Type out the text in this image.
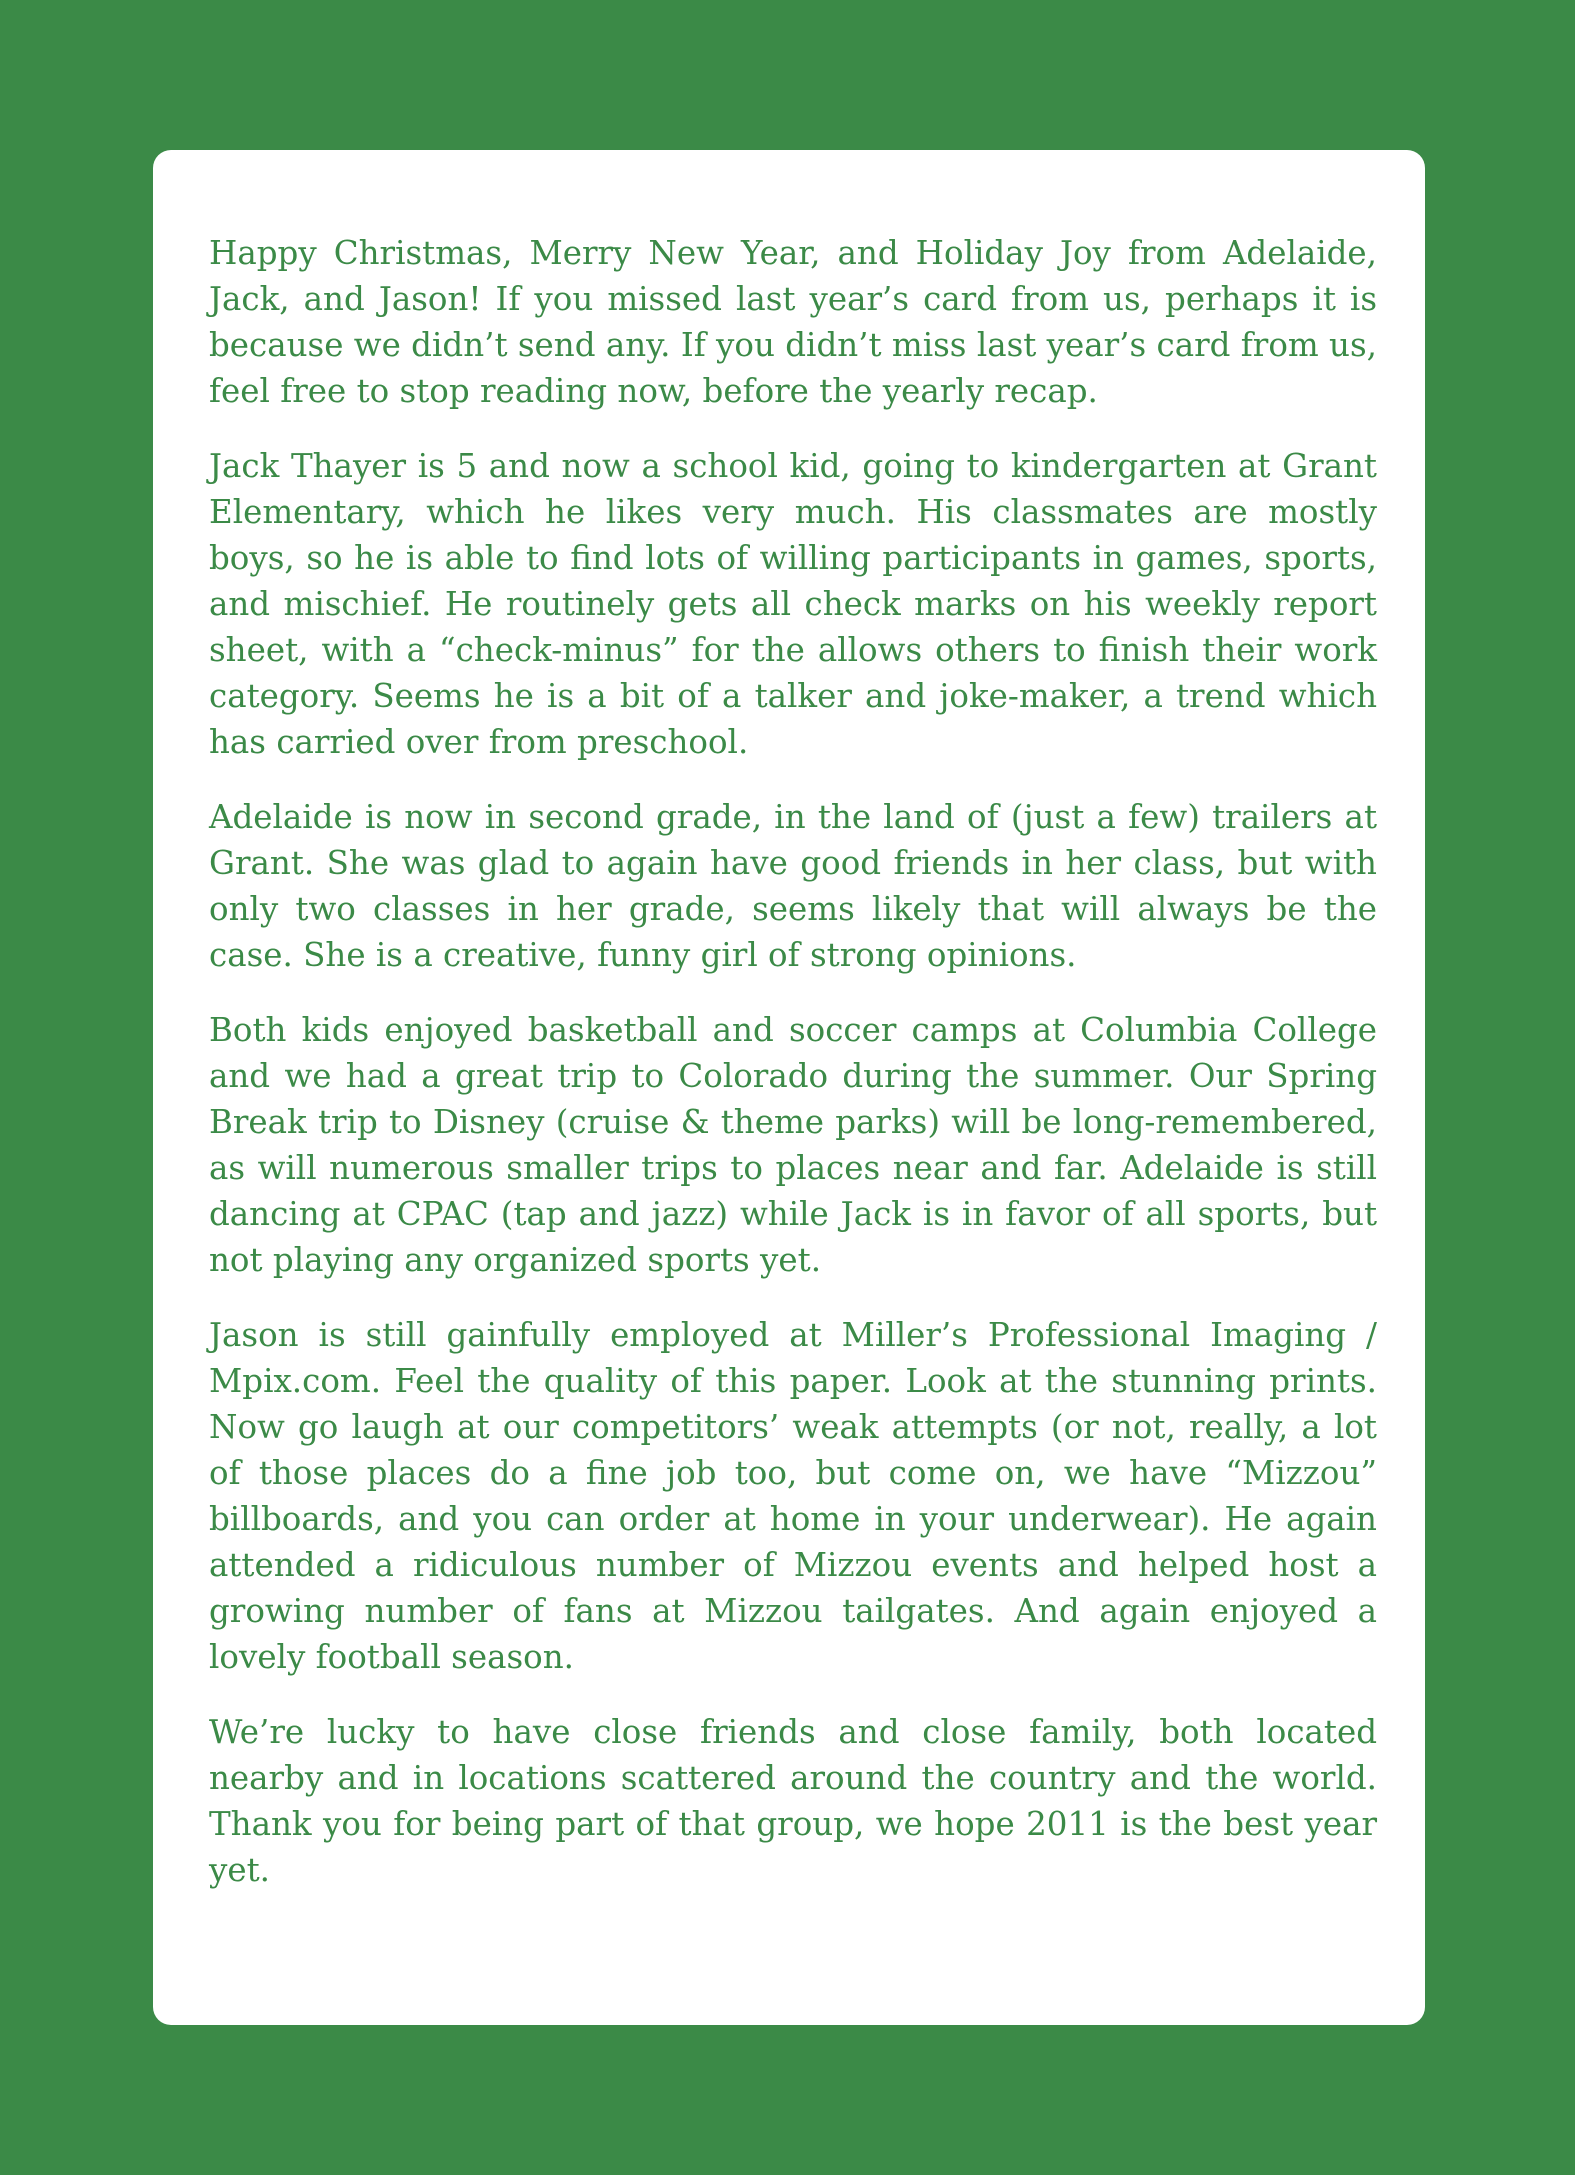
Happy Christmas, Merry New Year, and Holiday Joy from Adelaide, Jack, and Jason! If you missed last year’s card from us, perhaps it is because we didn’t send any. If you didn’t miss last year’s card from us, feel free to stop reading now, before the yearly recap.

Jack Thayer is 5 and now a school kid, going to kindergarten at Grant Elementary, which he likes very much. His classmates are mostly boys, so he is able to find lots of willing participants in games, sports, and mischief. He routinely gets all check marks on his weekly report sheet, with a “check-minus” for the allows others to finish their work category. Seems he is a bit of a talker and joke-maker, a trend which has carried over from preschool.

Adelaide is now in second grade, in the land of (just a few) trailers at Grant. She was glad to again have good friends in her class, but with only two classes in her grade, seems likely that will always be the case. She is a creative, funny girl of strong opinions.

Both kids enjoyed basketball and soccer camps at Columbia College and we had a great trip to Colorado during the summer. Our Spring Break trip to Disney (cruise & theme parks) will be long-remembered, as will numerous smaller trips to places near and far. Adelaide is still dancing at CPAC (tap and jazz) while Jack is in favor of all sports, but not playing any organized sports yet.

Jason is still gainfully employed at Miller’s Professional Imaging / Mpix.com. Feel the quality of this paper. Look at the stunning prints. Now go laugh at our competitors’ weak attempts (or not, really, a lot of those places do a fine job too, but come on, we have “Mizzou” billboards, and you can order at home in your underwear). He again attended a ridiculous number of Mizzou events and helped host a growing number of fans at Mizzou tailgates. And again enjoyed a lovely football season.

We’re lucky to have close friends and close family, both located nearby and in locations scattered around the country and the world. Thank you for being part of that group, we hope 2011 is the best year yet.
